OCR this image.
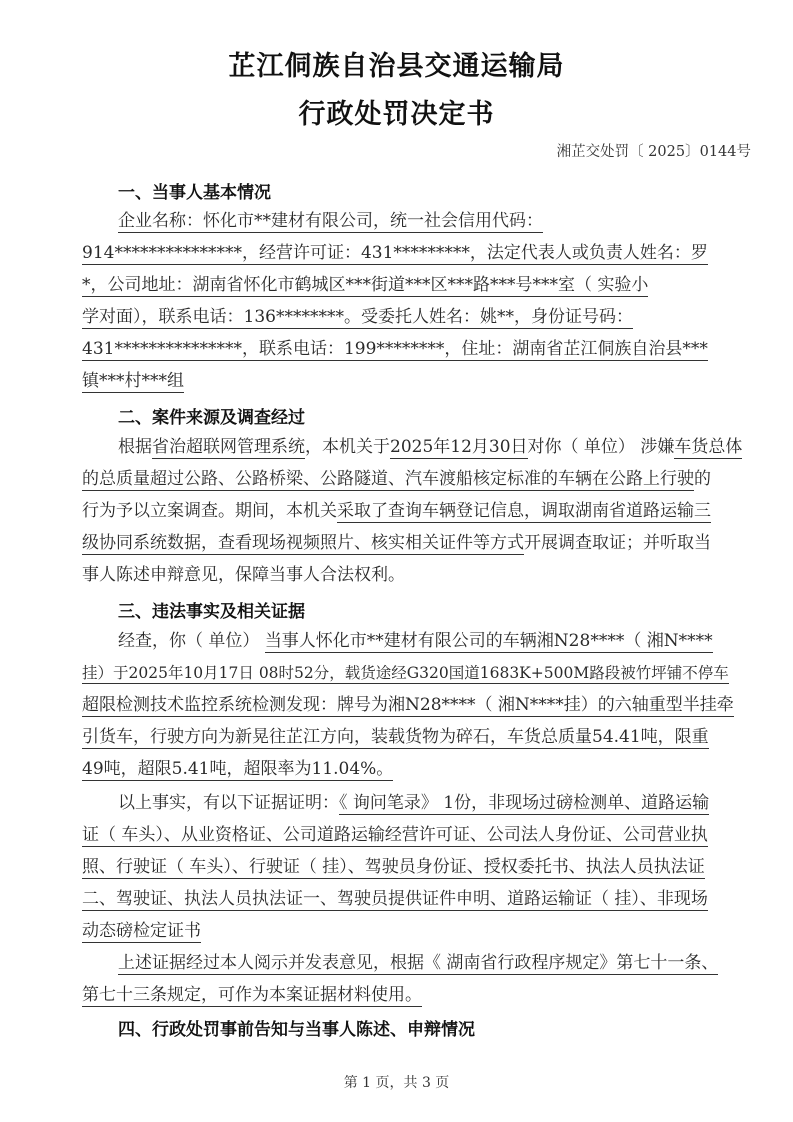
芷江侗族自治县交通运输局
行政处罚决定书
湘芷交处罚〔 2025〕0144号
一、当事人基本情况
企业名称：怀化市**建材有限公司，统一社会信用代码：
914***************，经营许可证：431*********，法定代表人或负责人姓名：罗
*，公司地址：湖南省怀化市鹤城区***街道***区***路***号***室（ 实验小
学对面），联系电话：136********。受委托人姓名：姚**，身份证号码：
431***************，联系电话：199********，住址：湖南省芷江侗族自治县***
镇***村***组
二、案件来源及调查经过
根据省治超联网管理系统，本机关于2025年12月30日对你（ 单位） 涉嫌车货总体
的总质量超过公路、公路桥梁、公路隧道、汽车渡船核定标准的车辆在公路上行驶的
行为予以立案调查。期间，本机关采取了查询车辆登记信息，调取湖南省道路运输三
级协同系统数据，查看现场视频照片、核实相关证件等方式开展调查取证；并听取当
事人陈述申辩意见，保障当事人合法权利。
三、违法事实及相关证据
经查，你（ 单位） 当事人怀化市**建材有限公司的车辆湘N28****（ 湘N****
挂）于2025年10月17日 08时52分，载货途经G320国道1683K+500M路段被竹坪铺不停车
超限检测技术监控系统检测发现：牌号为湘N28****（ 湘N****挂）的六轴重型半挂牵
引货车，行驶方向为新晃往芷江方向，装载货物为碎石，车货总质量54.41吨，限重
49吨，超限5.41吨，超限率为11.04%。
以上事实，有以下证据证明：《 询问笔录》 1份，非现场过磅检测单、道路运输
证（ 车头）、从业资格证、公司道路运输经营许可证、公司法人身份证、公司营业执
照、行驶证（ 车头）、行驶证（ 挂）、驾驶员身份证、授权委托书、执法人员执法证
二、驾驶证、执法人员执法证一、驾驶员提供证件申明、道路运输证（ 挂）、非现场
动态磅检定证书
上述证据经过本人阅示并发表意见，根据《 湖南省行政程序规定》第七十一条、
第七十三条规定，可作为本案证据材料使用。
四、行政处罚事前告知与当事人陈述、申辩情况
第 1 页，共 3 页
